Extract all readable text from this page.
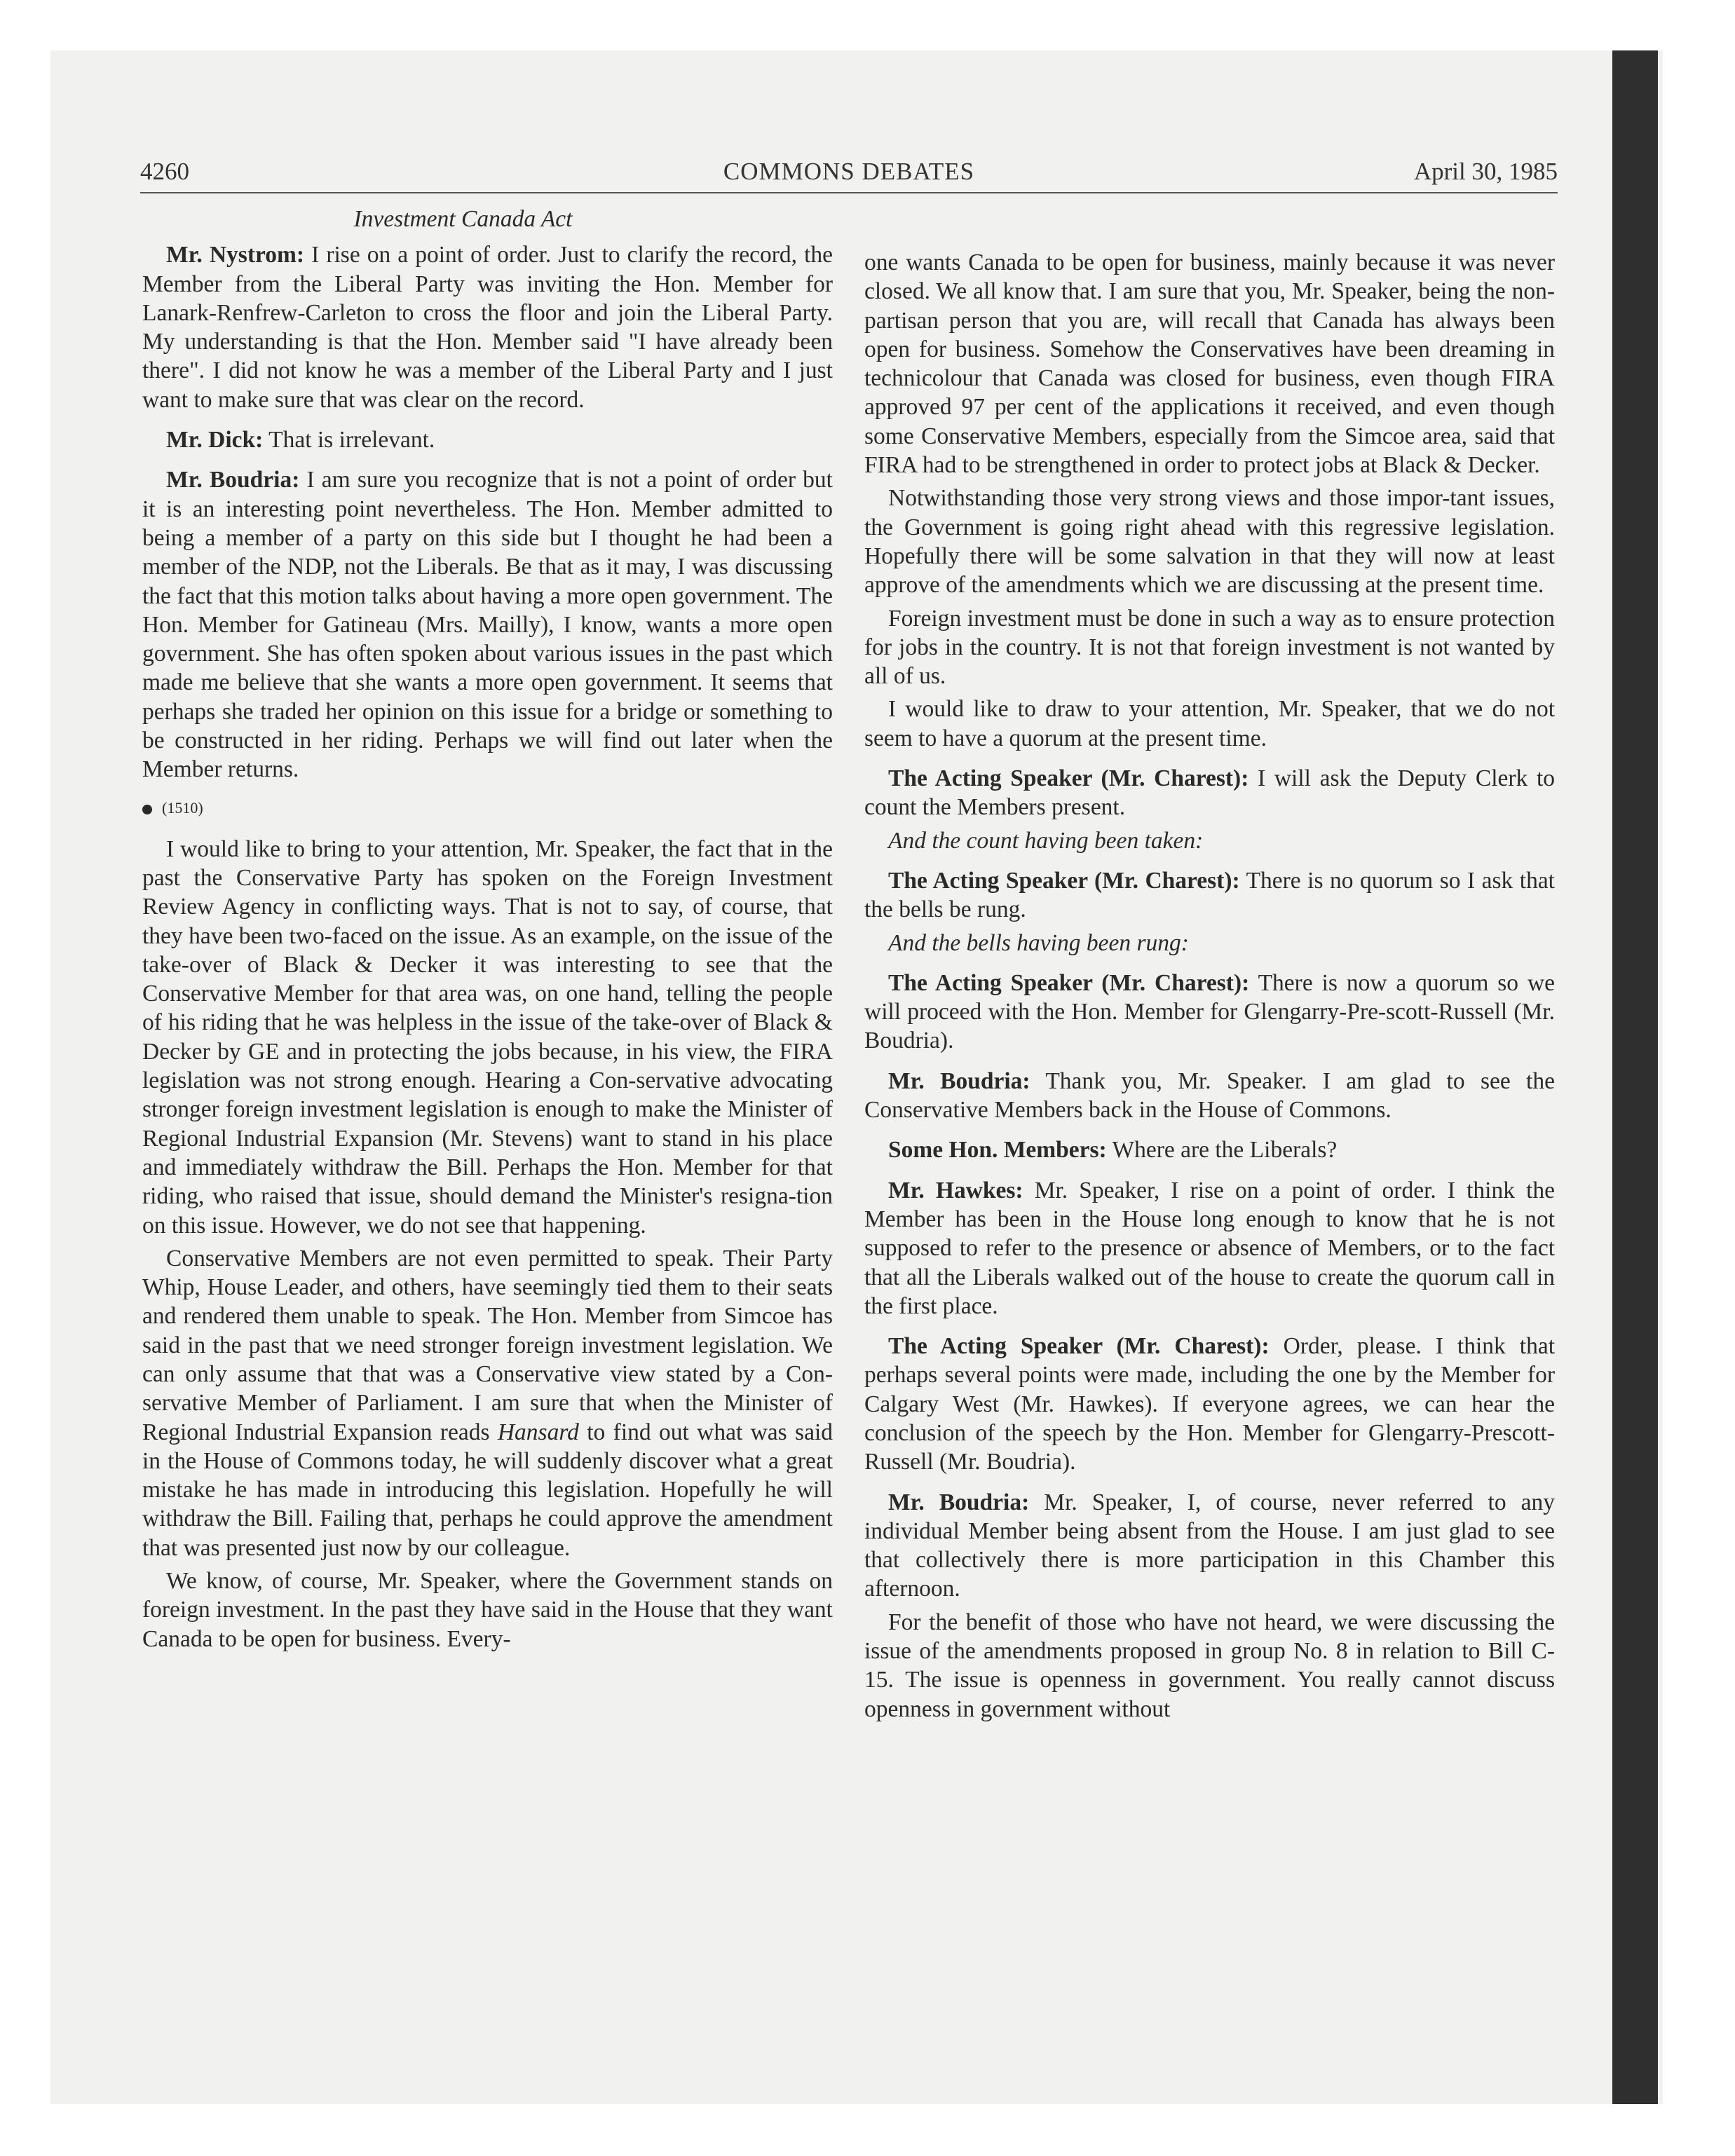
4260	COMMONS DEBATES	April 30, 1985

Investment Canada Act

Mr. Nystrom: I rise on a point of order. Just to clarify the record, the Member from the Liberal Party was inviting the Hon. Member for Lanark-Renfrew-Carleton to cross the floor and join the Liberal Party. My understanding is that the Hon. Member said "I have already been there". I did not know he was a member of the Liberal Party and I just want to make sure that was clear on the record.

Mr. Dick: That is irrelevant.

Mr. Boudria: I am sure you recognize that is not a point of order but it is an interesting point nevertheless. The Hon. Member admitted to being a member of a party on this side but I thought he had been a member of the NDP, not the Liberals. Be that as it may, I was discussing the fact that this motion talks about having a more open government. The Hon. Member for Gatineau (Mrs. Mailly), I know, wants a more open government. She has often spoken about various issues in the past which made me believe that she wants a more open government. It seems that perhaps she traded her opinion on this issue for a bridge or something to be constructed in her riding. Perhaps we will find out later when the Member returns.

(1510)

I would like to bring to your attention, Mr. Speaker, the fact that in the past the Conservative Party has spoken on the Foreign Investment Review Agency in conflicting ways. That is not to say, of course, that they have been two-faced on the issue. As an example, on the issue of the take-over of Black & Decker it was interesting to see that the Conservative Member for that area was, on one hand, telling the people of his riding that he was helpless in the issue of the take-over of Black & Decker by GE and in protecting the jobs because, in his view, the FIRA legislation was not strong enough. Hearing a Con-servative advocating stronger foreign investment legislation is enough to make the Minister of Regional Industrial Expansion (Mr. Stevens) want to stand in his place and immediately withdraw the Bill. Perhaps the Hon. Member for that riding, who raised that issue, should demand the Minister's resigna-tion on this issue. However, we do not see that happening.

Conservative Members are not even permitted to speak. Their Party Whip, House Leader, and others, have seemingly tied them to their seats and rendered them unable to speak. The Hon. Member from Simcoe has said in the past that we need stronger foreign investment legislation. We can only assume that that was a Conservative view stated by a Con-servative Member of Parliament. I am sure that when the Minister of Regional Industrial Expansion reads Hansard to find out what was said in the House of Commons today, he will suddenly discover what a great mistake he has made in introducing this legislation. Hopefully he will withdraw the Bill. Failing that, perhaps he could approve the amendment that was presented just now by our colleague.

We know, of course, Mr. Speaker, where the Government stands on foreign investment. In the past they have said in the House that they want Canada to be open for business. Every-

one wants Canada to be open for business, mainly because it was never closed. We all know that. I am sure that you, Mr. Speaker, being the non-partisan person that you are, will recall that Canada has always been open for business. Somehow the Conservatives have been dreaming in technicolour that Canada was closed for business, even though FIRA approved 97 per cent of the applications it received, and even though some Conservative Members, especially from the Simcoe area, said that FIRA had to be strengthened in order to protect jobs at Black & Decker.

Notwithstanding those very strong views and those impor-tant issues, the Government is going right ahead with this regressive legislation. Hopefully there will be some salvation in that they will now at least approve of the amendments which we are discussing at the present time.

Foreign investment must be done in such a way as to ensure protection for jobs in the country. It is not that foreign investment is not wanted by all of us.

I would like to draw to your attention, Mr. Speaker, that we do not seem to have a quorum at the present time.

The Acting Speaker (Mr. Charest): I will ask the Deputy Clerk to count the Members present.

And the count having been taken:

The Acting Speaker (Mr. Charest): There is no quorum so I ask that the bells be rung.

And the bells having been rung:

The Acting Speaker (Mr. Charest): There is now a quorum so we will proceed with the Hon. Member for Glengarry-Pre-scott-Russell (Mr. Boudria).

Mr. Boudria: Thank you, Mr. Speaker. I am glad to see the Conservative Members back in the House of Commons.

Some Hon. Members: Where are the Liberals?

Mr. Hawkes: Mr. Speaker, I rise on a point of order. I think the Member has been in the House long enough to know that he is not supposed to refer to the presence or absence of Members, or to the fact that all the Liberals walked out of the house to create the quorum call in the first place.

The Acting Speaker (Mr. Charest): Order, please. I think that perhaps several points were made, including the one by the Member for Calgary West (Mr. Hawkes). If everyone agrees, we can hear the conclusion of the speech by the Hon. Member for Glengarry-Prescott-Russell (Mr. Boudria).

Mr. Boudria: Mr. Speaker, I, of course, never referred to any individual Member being absent from the House. I am just glad to see that collectively there is more participation in this Chamber this afternoon.

For the benefit of those who have not heard, we were discussing the issue of the amendments proposed in group No. 8 in relation to Bill C-15. The issue is openness in government. You really cannot discuss openness in government without
